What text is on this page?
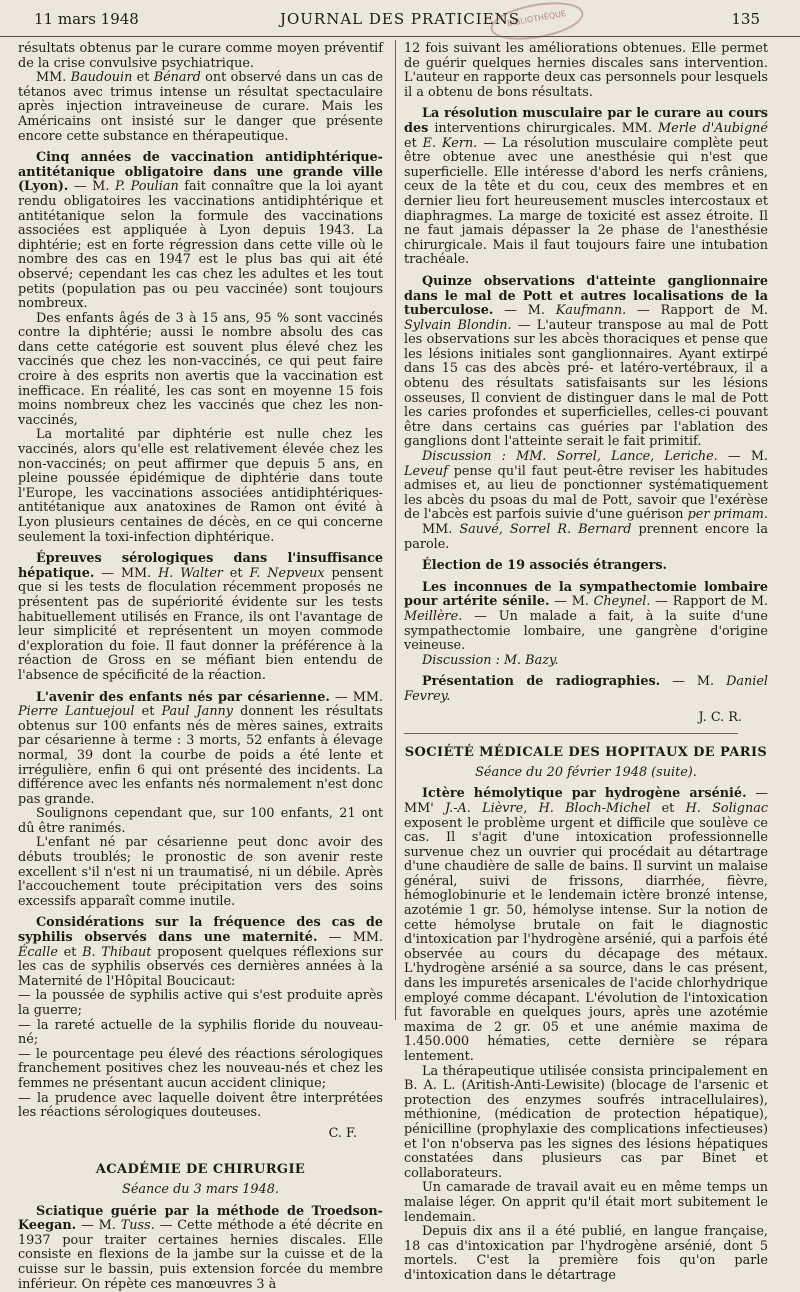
11 mars 1948	JOURNAL DES PRATICIENS	135
BIBLIOTHÈQUE

résultats obtenus par le curare comme moyen préventif de la crise convulsive psychiatrique.

MM. Baudouin et Bénard ont observé dans un cas de tétanos avec trimus intense un résultat spectaculaire après injection intraveineuse de curare. Mais les Américains ont insisté sur le danger que présente encore cette substance en thérapeutique.

Cinq années de vaccination antidiphtérique-antitétanique obligatoire dans une grande ville (Lyon). — M. P. Poulian fait connaître que la loi ayant rendu obligatoires les vaccinations antidiphtérique et antitétanique selon la formule des vaccinations associées est appliquée à Lyon depuis 1943. La diphtérie; est en forte régression dans cette ville où le nombre des cas en 1947 est le plus bas qui ait été observé; cependant les cas chez les adultes et les tout petits (population pas ou peu vaccinée) sont toujours nombreux.

Des enfants âgés de 3 à 15 ans, 95 % sont vaccinés contre la diphtérie; aussi le nombre absolu des cas dans cette catégorie est souvent plus élevé chez les vaccinés que chez les non-vaccinés, ce qui peut faire croire à des esprits non avertis que la vaccination est inefficace. En réalité, les cas sont en moyenne 15 fois moins nombreux chez les vaccinés que chez les non-vaccinés,

La mortalité par diphtérie est nulle chez les vaccinés, alors qu'elle est relativement élevée chez les non-vaccinés; on peut affirmer que depuis 5 ans, en pleine poussée épidémique de diphtérie dans toute l'Europe, les vaccinations associées antidiphtériques-antitétanique aux anatoxines de Ramon ont évité à Lyon plusieurs centaines de décès, en ce qui concerne seulement la toxi-infection diphtérique.

Épreuves sérologiques dans l'insuffisance hépatique. — MM. H. Walter et F. Nepveux pensent que si les tests de floculation récemment proposés ne présentent pas de supériorité évidente sur les tests habituellement utilisés en France, ils ont l'avantage de leur simplicité et représentent un moyen commode d'exploration du foie. Il faut donner la préférence à la réaction de Gross en se méfiant bien entendu de l'absence de spécificité de la réaction.

L'avenir des enfants nés par césarienne. — MM. Pierre Lantuejoul et Paul Janny donnent les résultats obtenus sur 100 enfants nés de mères saines, extraits par césarienne à terme : 3 morts, 52 enfants à élevage normal, 39 dont la courbe de poids a été lente et irrégulière, enfin 6 qui ont présenté des incidents. La différence avec les enfants nés normalement n'est donc pas grande.

Soulignons cependant que, sur 100 enfants, 21 ont dû être ranimés.

L'enfant né par césarienne peut donc avoir des débuts troublés; le pronostic de son avenir reste excellent s'il n'est ni un traumatisé, ni un débile. Après l'accouchement toute précipitation vers des soins excessifs apparaît comme inutile.

Considérations sur la fréquence des cas de syphilis observés dans une maternité. — MM. Écalle et B. Thibaut proposent quelques réflexions sur les cas de syphilis observés ces dernières années à la Maternité de l'Hôpital Boucicaut:

— la poussée de syphilis active qui s'est produite après la guerre;

— la rareté actuelle de la syphilis floride du nouveau-né;

— le pourcentage peu élevé des réactions sérologiques franchement positives chez les nouveau-nés et chez les femmes ne présentant aucun accident clinique;

— la prudence avec laquelle doivent être interprétées les réactions sérologiques douteuses.

C. F.

ACADÉMIE DE CHIRURGIE

Séance du 3 mars 1948.

Sciatique guérie par la méthode de Troedson-Keegan. — M. Tuss. — Cette méthode a été décrite en 1937 pour traiter certaines hernies discales. Elle consiste en flexions de la jambe sur la cuisse et de la cuisse sur le bassin, puis extension forcée du membre inférieur. On répète ces manœuvres 3 à

12 fois suivant les améliorations obtenues. Elle permet de guérir quelques hernies discales sans intervention. L'auteur en rapporte deux cas personnels pour lesquels il a obtenu de bons résultats.

La résolution musculaire par le curare au cours des interventions chirurgicales. MM. Merle d'Aubigné et E. Kern. — La résolution musculaire complète peut être obtenue avec une anesthésie qui n'est que superficielle. Elle intéresse d'abord les nerfs crâniens, ceux de la tête et du cou, ceux des membres et en dernier lieu fort heureusement muscles intercostaux et diaphragmes. La marge de toxicité est assez étroite. Il ne faut jamais dépasser la 2e phase de l'anesthésie chirurgicale. Mais il faut toujours faire une intubation trachéale.

Quinze observations d'atteinte ganglionnaire dans le mal de Pott et autres localisations de la tuberculose. — M. Kaufmann. — Rapport de M. Sylvain Blondin. — L'auteur transpose au mal de Pott les observations sur les abcès thoraciques et pense que les lésions initiales sont ganglionnaires. Ayant extirpé dans 15 cas des abcès pré- et latéro-vertébraux, il a obtenu des résultats satisfaisants sur les lésions osseuses, Il convient de distinguer dans le mal de Pott les caries profondes et superficielles, celles-ci pouvant être dans certains cas guéries par l'ablation des ganglions dont l'atteinte serait le fait primitif.

Discussion : MM. Sorrel, Lance, Leriche. — M. Leveuf pense qu'il faut peut-être reviser les habitudes admises et, au lieu de ponctionner systématiquement les abcès du psoas du mal de Pott, savoir que l'exérèse de l'abcès est parfois suivie d'une guérison per primam.

MM. Sauvé, Sorrel R. Bernard prennent encore la parole.

Élection de 19 associés étrangers.

Les inconnues de la sympathectomie lombaire pour artérite sénile. — M. Cheynel. — Rapport de M. Meillère. — Un malade a fait, à la suite d'une sympathectomie lombaire, une gangrène d'origine veineuse.

Discussion : M. Bazy.

Présentation de radiographies. — M. Daniel Fevrey.

J. C. R.

SOCIÉTÉ MÉDICALE DES HOPITAUX DE PARIS

Séance du 20 février 1948 (suite).

Ictère hémolytique par hydrogène arsénié. — MM' J.-A. Lièvre, H. Bloch-Michel et H. Solignac exposent le problème urgent et difficile que soulève ce cas. Il s'agit d'une intoxication professionnelle survenue chez un ouvrier qui procédait au détartrage d'une chaudière de salle de bains. Il survint un malaise général, suivi de frissons, diarrhée, fièvre, hémoglobinurie et le lendemain ictère bronzé intense, azotémie 1 gr. 50, hémolyse intense. Sur la notion de cette hémolyse brutale on fait le diagnostic d'intoxication par l'hydrogène arsénié, qui a parfois été observée au cours du décapage des métaux. L'hydrogène arsénié a sa source, dans le cas présent, dans les impuretés arsenicales de l'acide chlorhydrique employé comme décapant. L'évolution de l'intoxication fut favorable en quelques jours, après une azotémie maxima de 2 gr. 05 et une anémie maxima de 1.450.000 hématies, cette dernière se répara lentement.

La thérapeutique utilisée consista principalement en B. A. L. (Aritish-Anti-Lewisite) (blocage de l'arsenic et protection des enzymes soufrés intracellulaires), méthionine, (médication de protection hépatique), pénicilline (prophylaxie des complications infectieuses) et l'on n'observa pas les signes des lésions hépatiques constatées dans plusieurs cas par Binet et collaborateurs.

Un camarade de travail avait eu en même temps un malaise léger. On apprit qu'il était mort subitement le lendemain.

Depuis dix ans il a été publié, en langue française, 18 cas d'intoxication par l'hydrogène arsénié, dont 5 mortels. C'est la première fois qu'on parle d'intoxication dans le détartrage
